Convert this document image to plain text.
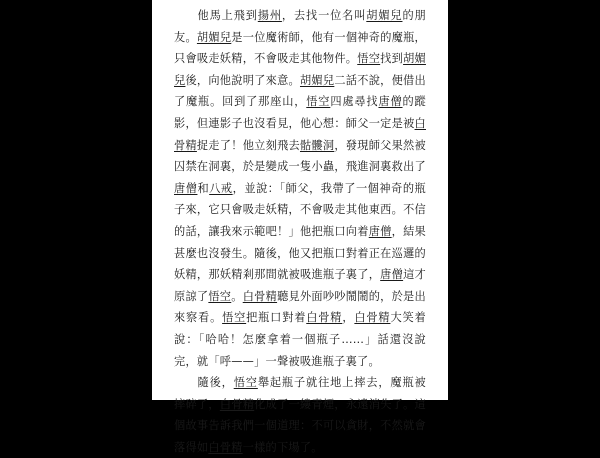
他馬上飛到揚州，去找一位名叫胡媚兒的朋友。胡媚兒是一位魔術師，他有一個神奇的魔瓶，只會吸走妖精，不會吸走其他物件。悟空找到胡媚兒後，向他說明了來意。胡媚兒二話不說，便借出了魔瓶。回到了那座山，悟空四處尋找唐僧的蹤影，但連影子也沒看見，他心想：師父一定是被白骨精捉走了！他立刻飛去骷髏洞，發現師父果然被囚禁在洞裏，於是變成一隻小蟲，飛進洞裏救出了唐僧和八戒，並說：「師父，我帶了一個神奇的瓶子來，它只會吸走妖精，不會吸走其他東西。不信的話，讓我來示範吧！」他把瓶口向着唐僧，結果甚麼也沒發生。隨後，他又把瓶口對着正在巡邏的妖精，那妖精剎那間就被吸進瓶子裏了，唐僧這才原諒了悟空。白骨精聽見外面吵吵鬧鬧的，於是出來察看。悟空把瓶口對着白骨精，白骨精大笑着說：「哈哈！怎麼拿着一個瓶子……」話還沒說完，就「呼——」一聲被吸進瓶子裏了。

隨後，悟空舉起瓶子就往地上摔去，魔瓶被摔碎了，白骨精化成了一縷青煙，永遠消失了。這個故事告訴我們一個道理：不可以貪財，不然就會落得如白骨精一樣的下場了。
